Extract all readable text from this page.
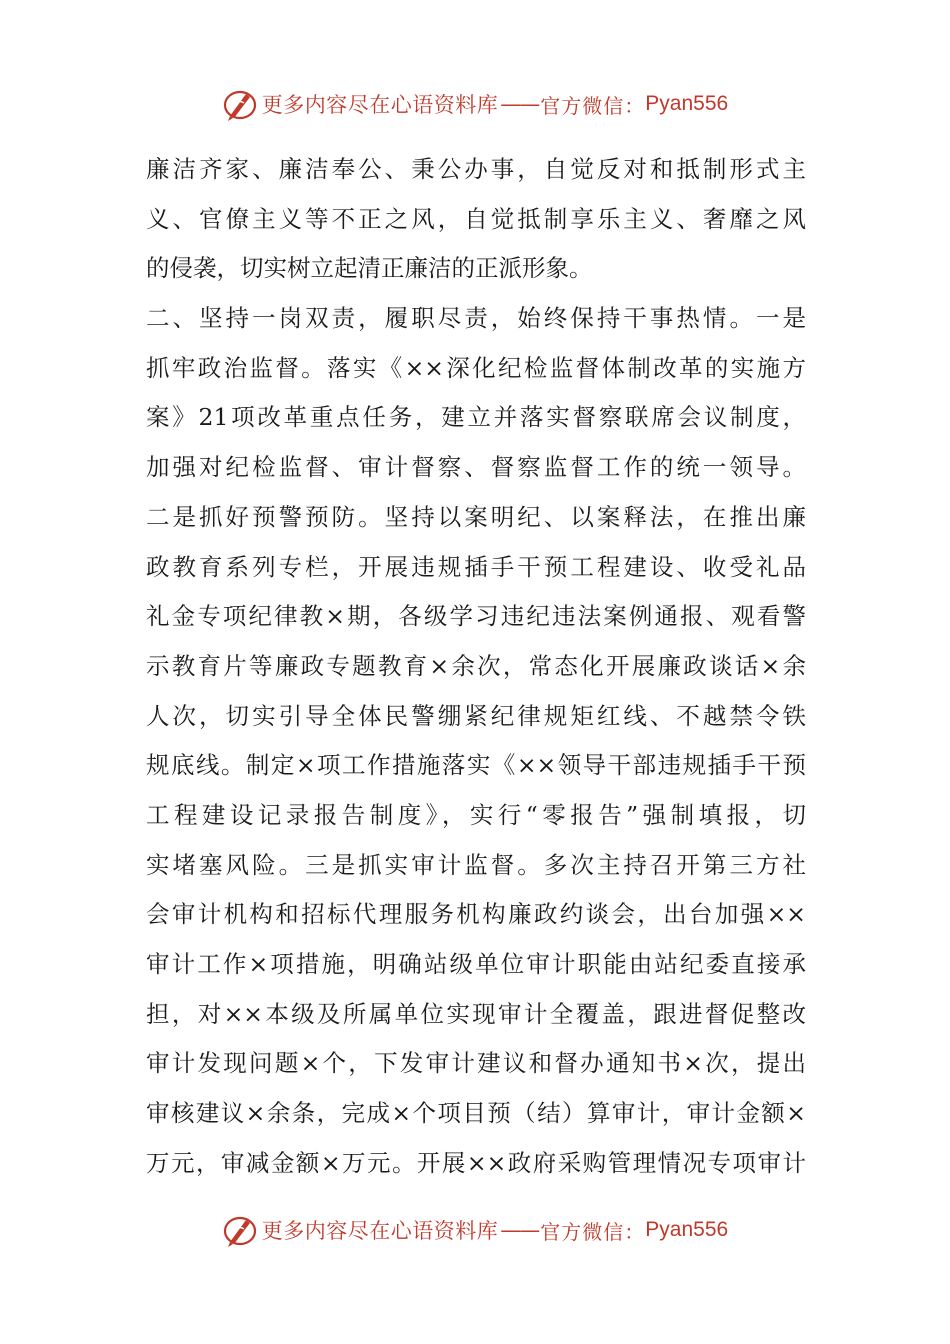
更多内容尽在心语资料库 —— 官方微信： Pyan556
廉洁齐家、廉洁奉公、秉公办事，自觉反对和抵制形式主
义、官僚主义等不正之风，自觉抵制享乐主义、奢靡之风
的侵袭，切实树立起清正廉洁的正派形象。
二、坚持一岗双责，履职尽责，始终保持干事热情。一是
抓牢政治监督。落实《××深化纪检监督体制改革的实施方
案》21项改革重点任务，建立并落实督察联席会议制度，
加强对纪检监督、审计督察、督察监督工作的统一领导。
二是抓好预警预防。坚持以案明纪、以案释法，在推出廉
政教育系列专栏，开展违规插手干预工程建设、收受礼品
礼金专项纪律教×期，各级学习违纪违法案例通报、观看警
示教育片等廉政专题教育×余次，常态化开展廉政谈话×余
人次，切实引导全体民警绷紧纪律规矩红线、不越禁令铁
规底线。制定×项工作措施落实《××领导干部违规插手干预
工程建设记录报告制度》，实行“零报告”强制填报，切
实堵塞风险。三是抓实审计监督。多次主持召开第三方社
会审计机构和招标代理服务机构廉政约谈会，出台加强××
审计工作×项措施，明确站级单位审计职能由站纪委直接承
担，对××本级及所属单位实现审计全覆盖，跟进督促整改
审计发现问题×个，下发审计建议和督办通知书×次，提出
审核建议×余条，完成×个项目预（结）算审计，审计金额×
万元，审减金额×万元。开展××政府采购管理情况专项审计
更多内容尽在心语资料库 —— 官方微信： Pyan556
